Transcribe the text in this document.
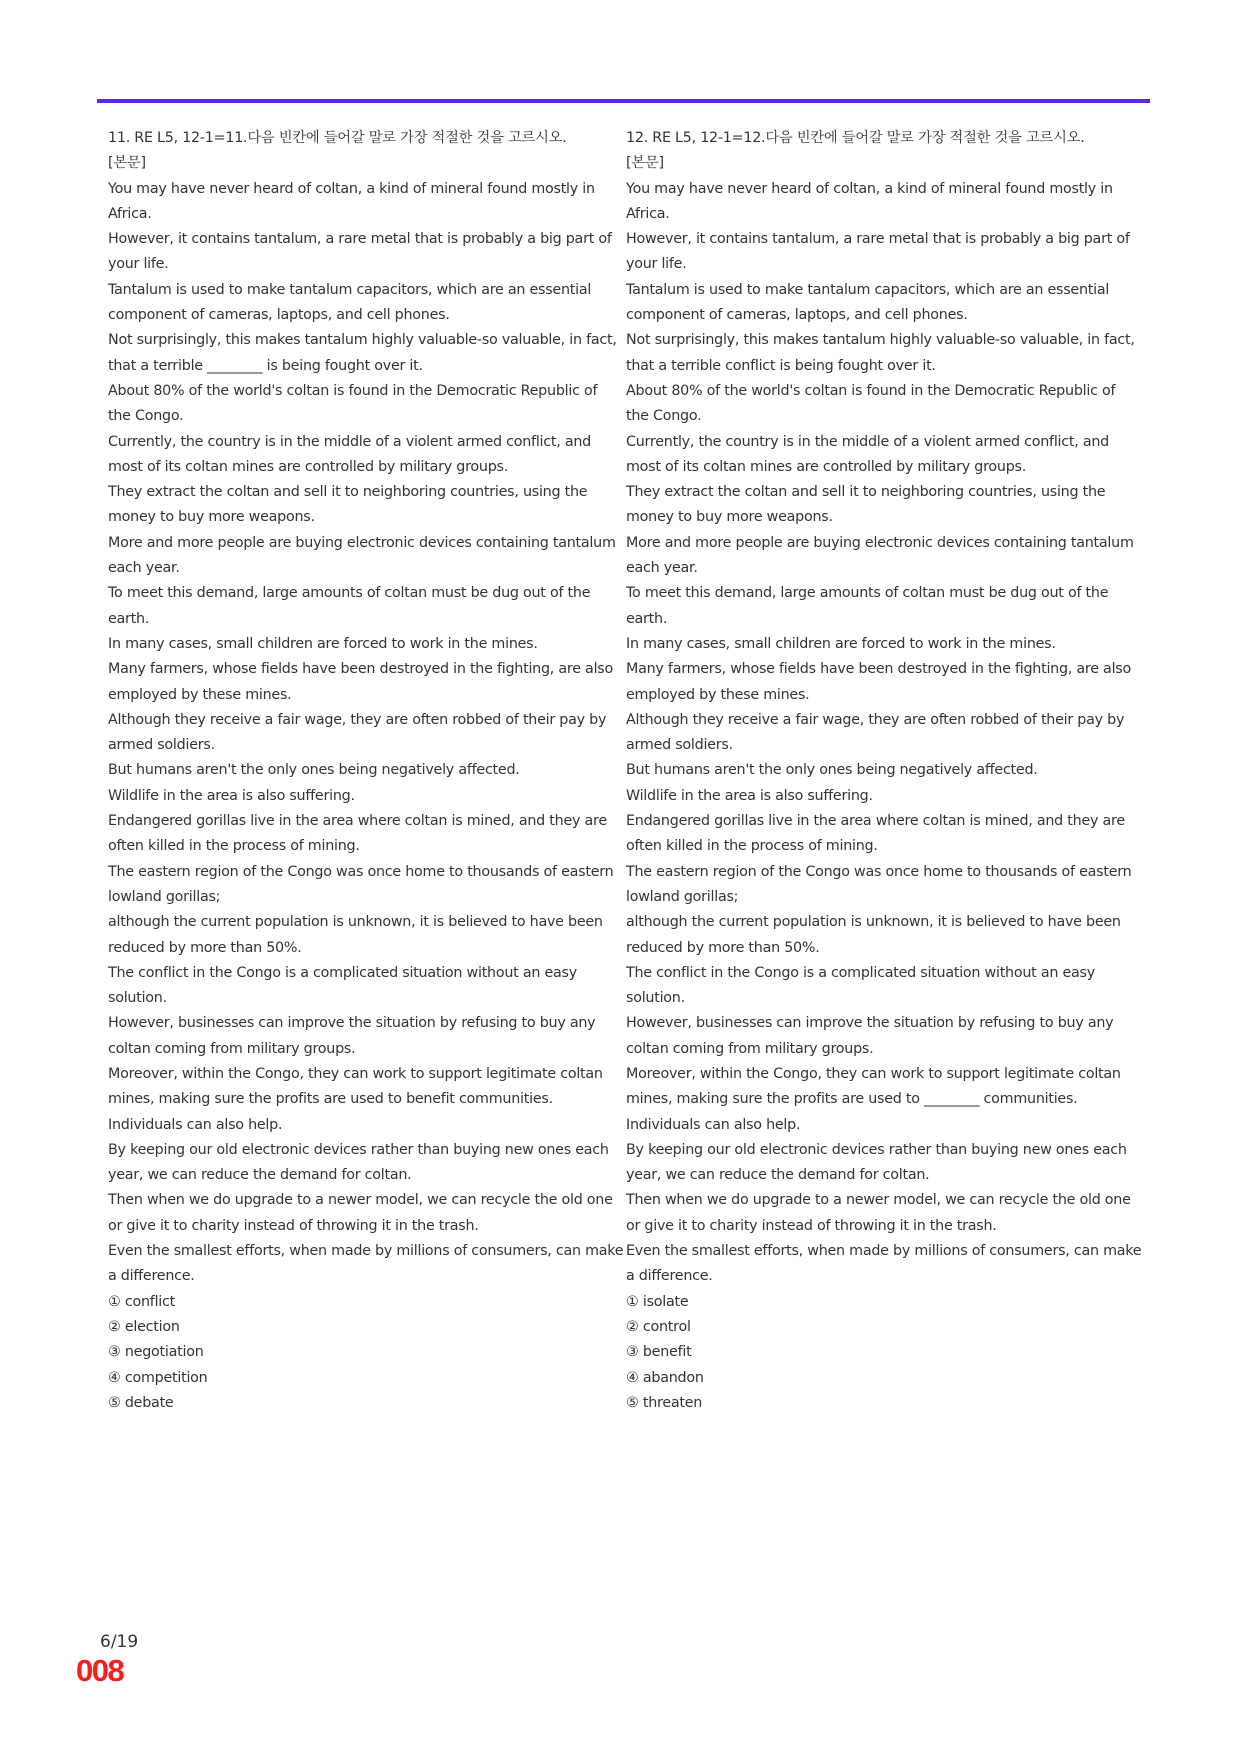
11. RE L5, 12-1=11.다음 빈칸에 들어갈 말로 가장 적절한 것을 고르시오.
[본문]
You may have never heard of coltan, a kind of mineral found mostly in
Africa.
However, it contains tantalum, a rare metal that is probably a big part of
your life.
Tantalum is used to make tantalum capacitors, which are an essential
component of cameras, laptops, and cell phones.
Not surprisingly, this makes tantalum highly valuable-so valuable, in fact,
that a terrible ________ is being fought over it.
About 80% of the world's coltan is found in the Democratic Republic of
the Congo.
Currently, the country is in the middle of a violent armed conflict, and
most of its coltan mines are controlled by military groups.
They extract the coltan and sell it to neighboring countries, using the
money to buy more weapons.
More and more people are buying electronic devices containing tantalum
each year.
To meet this demand, large amounts of coltan must be dug out of the
earth.
In many cases, small children are forced to work in the mines.
Many farmers, whose fields have been destroyed in the fighting, are also
employed by these mines.
Although they receive a fair wage, they are often robbed of their pay by
armed soldiers.
But humans aren't the only ones being negatively affected.
Wildlife in the area is also suffering.
Endangered gorillas live in the area where coltan is mined, and they are
often killed in the process of mining.
The eastern region of the Congo was once home to thousands of eastern
lowland gorillas;
although the current population is unknown, it is believed to have been
reduced by more than 50%.
The conflict in the Congo is a complicated situation without an easy
solution.
However, businesses can improve the situation by refusing to buy any
coltan coming from military groups.
Moreover, within the Congo, they can work to support legitimate coltan
mines, making sure the profits are used to benefit communities.
Individuals can also help.
By keeping our old electronic devices rather than buying new ones each
year, we can reduce the demand for coltan.
Then when we do upgrade to a newer model, we can recycle the old one
or give it to charity instead of throwing it in the trash.
Even the smallest efforts, when made by millions of consumers, can make
a difference.
① conflict
② election
③ negotiation
④ competition
⑤ debate
12. RE L5, 12-1=12.다음 빈칸에 들어갈 말로 가장 적절한 것을 고르시오.
[본문]
You may have never heard of coltan, a kind of mineral found mostly in
Africa.
However, it contains tantalum, a rare metal that is probably a big part of
your life.
Tantalum is used to make tantalum capacitors, which are an essential
component of cameras, laptops, and cell phones.
Not surprisingly, this makes tantalum highly valuable-so valuable, in fact,
that a terrible conflict is being fought over it.
About 80% of the world's coltan is found in the Democratic Republic of
the Congo.
Currently, the country is in the middle of a violent armed conflict, and
most of its coltan mines are controlled by military groups.
They extract the coltan and sell it to neighboring countries, using the
money to buy more weapons.
More and more people are buying electronic devices containing tantalum
each year.
To meet this demand, large amounts of coltan must be dug out of the
earth.
In many cases, small children are forced to work in the mines.
Many farmers, whose fields have been destroyed in the fighting, are also
employed by these mines.
Although they receive a fair wage, they are often robbed of their pay by
armed soldiers.
But humans aren't the only ones being negatively affected.
Wildlife in the area is also suffering.
Endangered gorillas live in the area where coltan is mined, and they are
often killed in the process of mining.
The eastern region of the Congo was once home to thousands of eastern
lowland gorillas;
although the current population is unknown, it is believed to have been
reduced by more than 50%.
The conflict in the Congo is a complicated situation without an easy
solution.
However, businesses can improve the situation by refusing to buy any
coltan coming from military groups.
Moreover, within the Congo, they can work to support legitimate coltan
mines, making sure the profits are used to ________ communities.
Individuals can also help.
By keeping our old electronic devices rather than buying new ones each
year, we can reduce the demand for coltan.
Then when we do upgrade to a newer model, we can recycle the old one
or give it to charity instead of throwing it in the trash.
Even the smallest efforts, when made by millions of consumers, can make
a difference.
① isolate
② control
③ benefit
④ abandon
⑤ threaten
6/19
008
